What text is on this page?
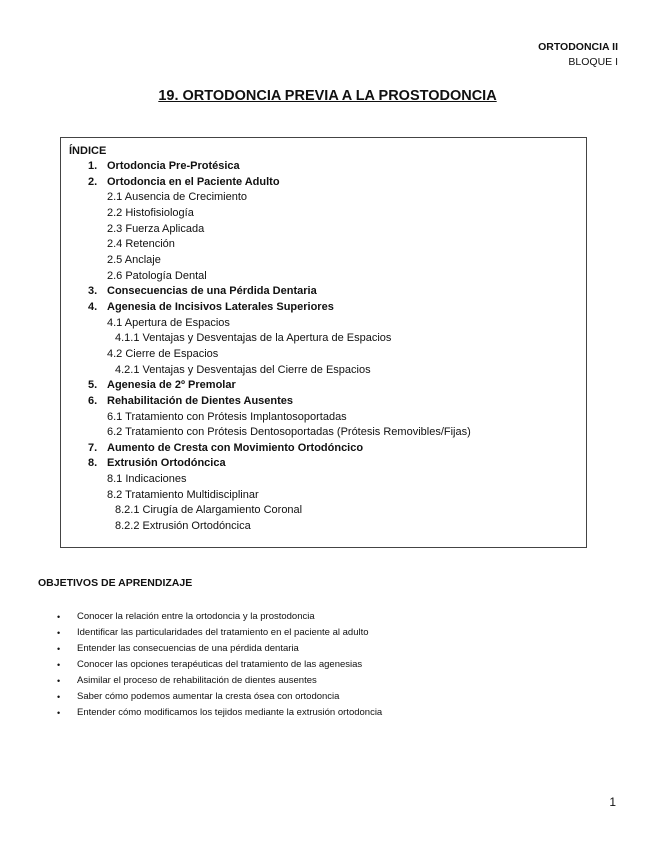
ORTODONCIA II
BLOQUE I
19. ORTODONCIA PREVIA A LA PROSTODONCIA
ÍNDICE
1. Ortodoncia Pre-Protésica
2. Ortodoncia en el Paciente Adulto
2.1 Ausencia de Crecimiento
2.2 Histofisiología
2.3 Fuerza Aplicada
2.4 Retención
2.5 Anclaje
2.6 Patología Dental
3. Consecuencias de una Pérdida Dentaria
4. Agenesia de Incisivos Laterales Superiores
4.1 Apertura de Espacios
4.1.1 Ventajas y Desventajas de la Apertura de Espacios
4.2 Cierre de Espacios
4.2.1 Ventajas y Desventajas del Cierre de Espacios
5. Agenesia de 2º Premolar
6. Rehabilitación de Dientes Ausentes
6.1 Tratamiento con Prótesis Implantosoportadas
6.2 Tratamiento con Prótesis Dentosoportadas (Prótesis Removibles/Fijas)
7. Aumento de Cresta con Movimiento Ortodóncico
8. Extrusión Ortodóncica
8.1 Indicaciones
8.2 Tratamiento Multidisciplinar
8.2.1 Cirugía de Alargamiento Coronal
8.2.2 Extrusión Ortodóncica
OBJETIVOS DE APRENDIZAJE
• Conocer la relación entre la ortodoncia y la prostodoncia
• Identificar las particularidades del tratamiento en el paciente al adulto
• Entender las consecuencias de una pérdida dentaria
• Conocer las opciones terapéuticas del tratamiento de las agenesias
• Asimilar el proceso de rehabilitación de dientes ausentes
• Saber cómo podemos aumentar la cresta ósea con ortodoncia
• Entender cómo modificamos los tejidos mediante la extrusión ortodoncia
1
